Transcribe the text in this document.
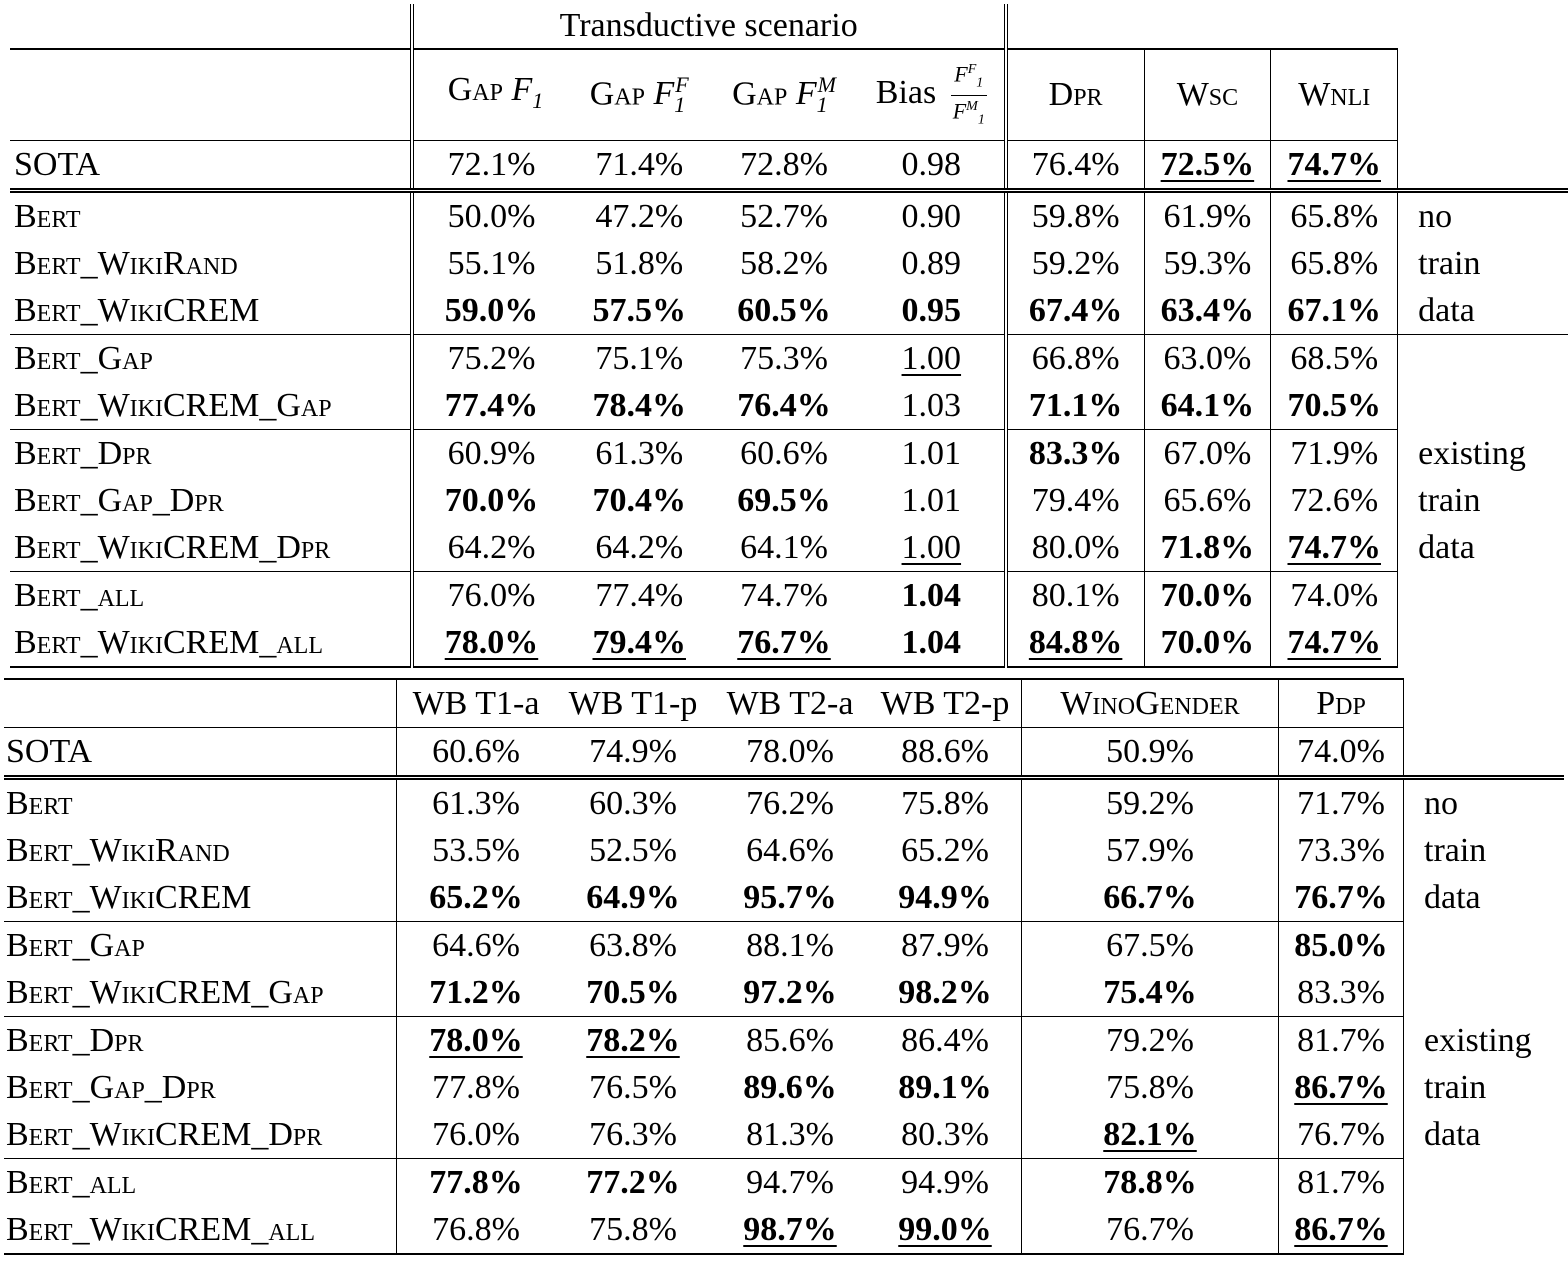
	Transductive scenario							
	Gap $F_1$	Gap $F_1^F$	Gap $F_1^M$	Bias $\frac{F^F_1}{F^M_1}$	Dpr	Wsc	Wnli	
SOTA	72.1%	71.4%	72.8%	0.98	76.4%	72.5%	74.7%	
Bert	50.0%	47.2%	52.7%	0.90	59.8%	61.9%	65.8%	no
Bert_WikiRand	55.1%	51.8%	58.2%	0.89	59.2%	59.3%	65.8%	train
Bert_WikiCREM	59.0%	57.5%	60.5%	0.95	67.4%	63.4%	67.1%	data
Bert_Gap	75.2%	75.1%	75.3%	1.00	66.8%	63.0%	68.5%	
Bert_WikiCREM_Gap	77.4%	78.4%	76.4%	1.03	71.1%	64.1%	70.5%	
Bert_Dpr	60.9%	61.3%	60.6%	1.01	83.3%	67.0%	71.9%	existing
Bert_Gap_Dpr	70.0%	70.4%	69.5%	1.01	79.4%	65.6%	72.6%	train
Bert_WikiCREM_Dpr	64.2%	64.2%	64.1%	1.00	80.0%	71.8%	74.7%	data
Bert_all	76.0%	77.4%	74.7%	1.04	80.1%	70.0%	74.0%	
Bert_WikiCREM_all	78.0%	79.4%	76.7%	1.04	84.8%	70.0%	74.7%	
	WB T1-a	WB T1-p	WB T2-a	WB T2-p	WinoGender	Pdp	
SOTA	60.6%	74.9%	78.0%	88.6%	50.9%	74.0%	
Bert	61.3%	60.3%	76.2%	75.8%	59.2%	71.7%	no
Bert_WikiRand	53.5%	52.5%	64.6%	65.2%	57.9%	73.3%	train
Bert_WikiCREM	65.2%	64.9%	95.7%	94.9%	66.7%	76.7%	data
Bert_Gap	64.6%	63.8%	88.1%	87.9%	67.5%	85.0%	
Bert_WikiCREM_Gap	71.2%	70.5%	97.2%	98.2%	75.4%	83.3%	
Bert_Dpr	78.0%	78.2%	85.6%	86.4%	79.2%	81.7%	existing
Bert_Gap_Dpr	77.8%	76.5%	89.6%	89.1%	75.8%	86.7%	train
Bert_WikiCREM_Dpr	76.0%	76.3%	81.3%	80.3%	82.1%	76.7%	data
Bert_all	77.8%	77.2%	94.7%	94.9%	78.8%	81.7%	
Bert_WikiCREM_all	76.8%	75.8%	98.7%	99.0%	76.7%	86.7%	
